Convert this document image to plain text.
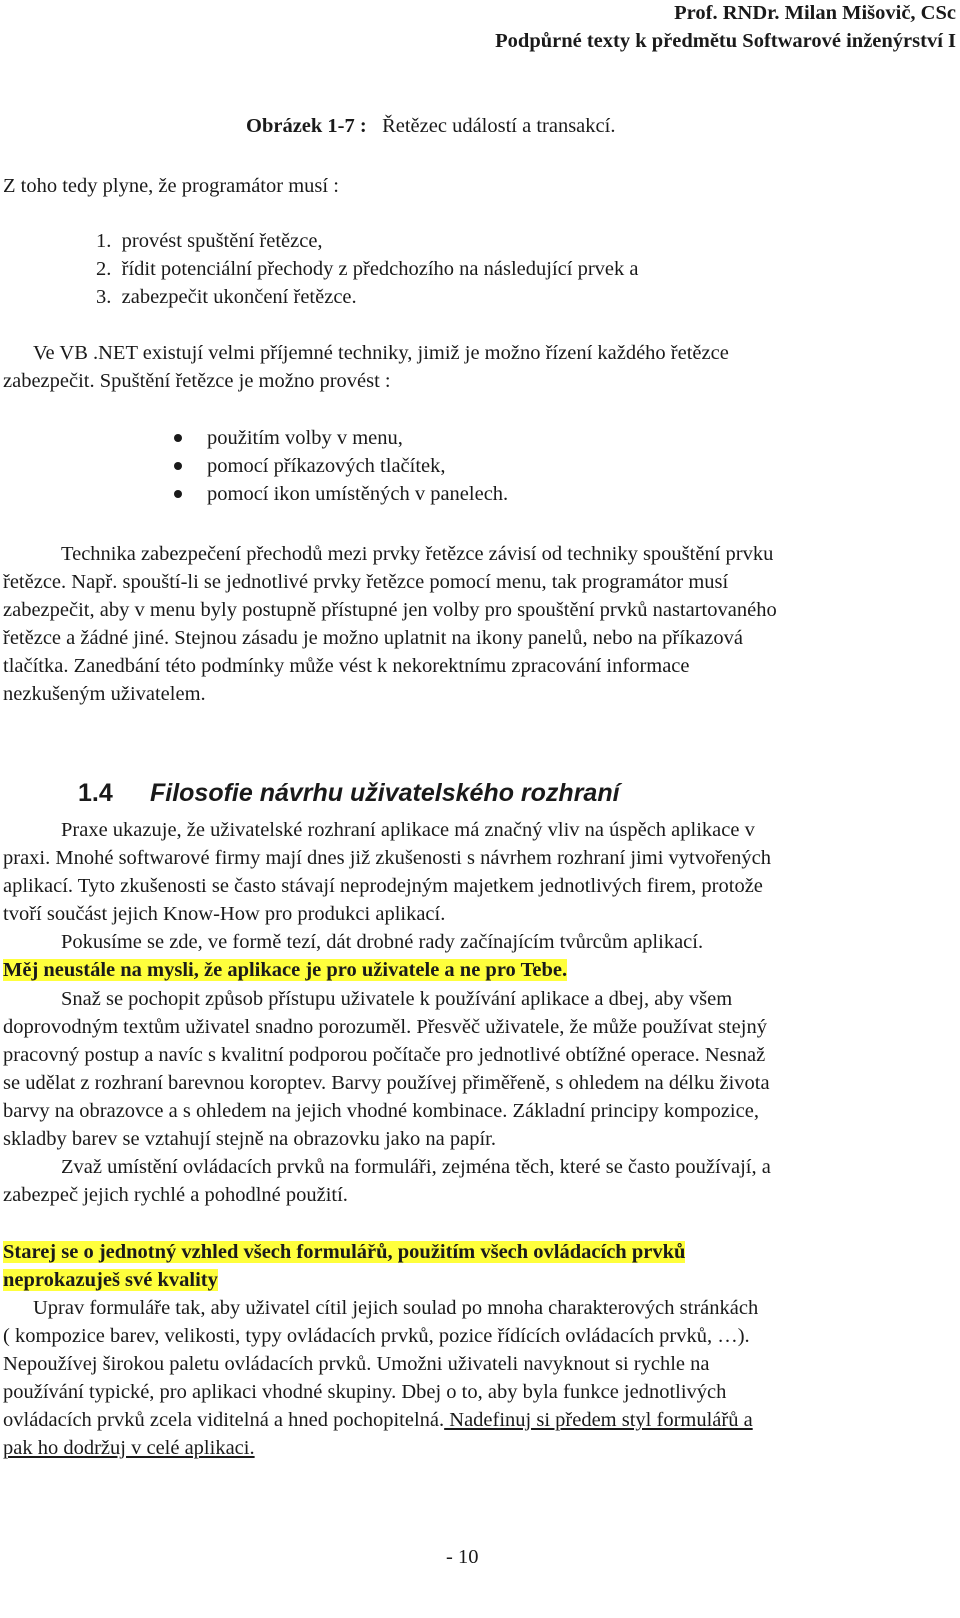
Prof. RNDr. Milan Mišovič, CSc
Podpůrné texty k předmětu Softwarové inženýrství I
Obrázek 1-7 : Řetězec událostí a transakcí.
Z toho tedy plyne, že programátor musí :
1. provést spuštění řetězce,
2. řídit potenciální přechody z předchozího na následující prvek a
3. zabezpečit ukončení řetězce.
Ve VB .NET existují velmi příjemné techniky, jimiž je možno řízení každého řetězce
zabezpečit. Spuštění řetězce je možno provést :
použitím volby v menu,
pomocí příkazových tlačítek,
pomocí ikon umístěných v panelech.
Technika zabezpečení přechodů mezi prvky řetězce závisí od techniky spouštění prvku
řetězce. Např. spouští-li se jednotlivé prvky řetězce pomocí menu, tak programátor musí
zabezpečit, aby v menu byly postupně přístupné jen volby pro spouštění prvků nastartovaného
řetězce a žádné jiné. Stejnou zásadu je možno uplatnit na ikony panelů, nebo na příkazová
tlačítka. Zanedbání této podmínky může vést k nekorektnímu zpracování informace
nezkušeným uživatelem.
1.4 Filosofie návrhu uživatelského rozhraní
Praxe ukazuje, že uživatelské rozhraní aplikace má značný vliv na úspěch aplikace v
praxi. Mnohé softwarové firmy mají dnes již zkušenosti s návrhem rozhraní jimi vytvořených
aplikací. Tyto zkušenosti se často stávají neprodejným majetkem jednotlivých firem, protože
tvoří součást jejich Know-How pro produkci aplikací.
Pokusíme se zde, ve formě tezí, dát drobné rady začínajícím tvůrcům aplikací.
Měj neustále na mysli, že aplikace je pro uživatele a ne pro Tebe.
Snaž se pochopit způsob přístupu uživatele k používání aplikace a dbej, aby všem
doprovodným textům uživatel snadno porozuměl. Přesvěč uživatele, že může používat stejný
pracovný postup a navíc s kvalitní podporou počítače pro jednotlivé obtížné operace. Nesnaž
se udělat z rozhraní barevnou koroptev. Barvy používej přiměřeně, s ohledem na délku života
barvy na obrazovce a s ohledem na jejich vhodné kombinace. Základní principy kompozice,
skladby barev se vztahují stejně na obrazovku jako na papír.
Zvaž umístění ovládacích prvků na formuláři, zejména těch, které se často používají, a
zabezpeč jejich rychlé a pohodlné použití.
Starej se o jednotný vzhled všech formulářů, použitím všech ovládacích prvků
neprokazuješ své kvality
Uprav formuláře tak, aby uživatel cítil jejich soulad po mnoha charakterových stránkách
( kompozice barev, velikosti, typy ovládacích prvků, pozice řídících ovládacích prvků, …).
Nepoužívej širokou paletu ovládacích prvků. Umožni uživateli navyknout si rychle na
používání typické, pro aplikaci vhodné skupiny. Dbej o to, aby byla funkce jednotlivých
ovládacích prvků zcela viditelná a hned pochopitelná. Nadefinuj si předem styl formulářů a
pak ho dodržuj v celé aplikaci.
- 10
